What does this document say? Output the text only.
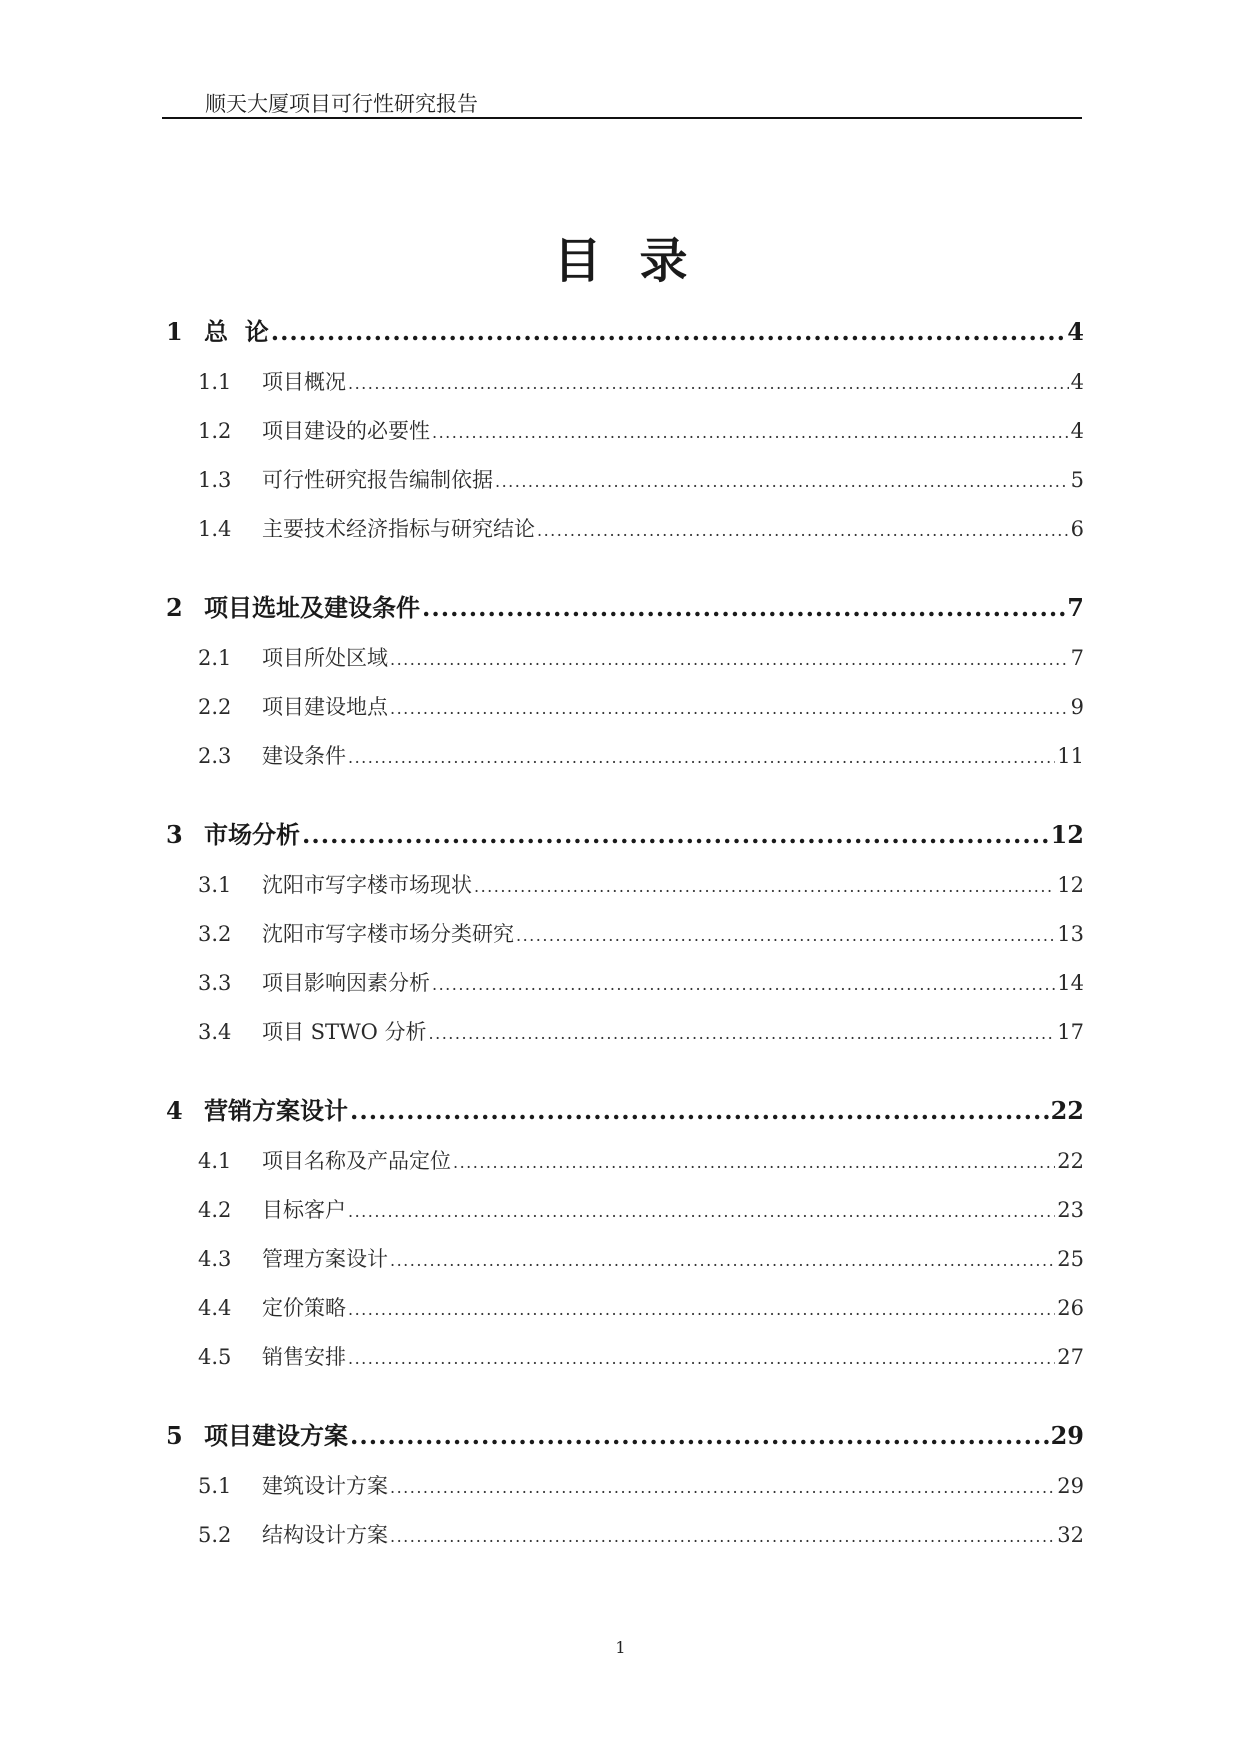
顺天大厦项目可行性研究报告
目录
1 总  论 .....	4
1.1	项目概况 .....	4
1.2	项目建设的必要性 .....	4
1.3	可行性研究报告编制依据 .....	5
1.4	主要技术经济指标与研究结论 .....	6
2 项目选址及建设条件 .....	7
2.1	项目所处区域 .....	7
2.2	项目建设地点 .....	9
2.3	建设条件 .....	11
3 市场分析 .....	12
3.1	沈阳市写字楼市场现状 .....	12
3.2	沈阳市写字楼市场分类研究 .....	13
3.3	项目影响因素分析 .....	14
3.4	项目 STWO 分析 .....	17
4 营销方案设计 .....	22
4.1	项目名称及产品定位 .....	22
4.2	目标客户 .....	23
4.3	管理方案设计 .....	25
4.4	定价策略 .....	26
4.5	销售安排 .....	27
5 项目建设方案 .....	29
5.1	建筑设计方案 .....	29
5.2	结构设计方案 .....	32
1
